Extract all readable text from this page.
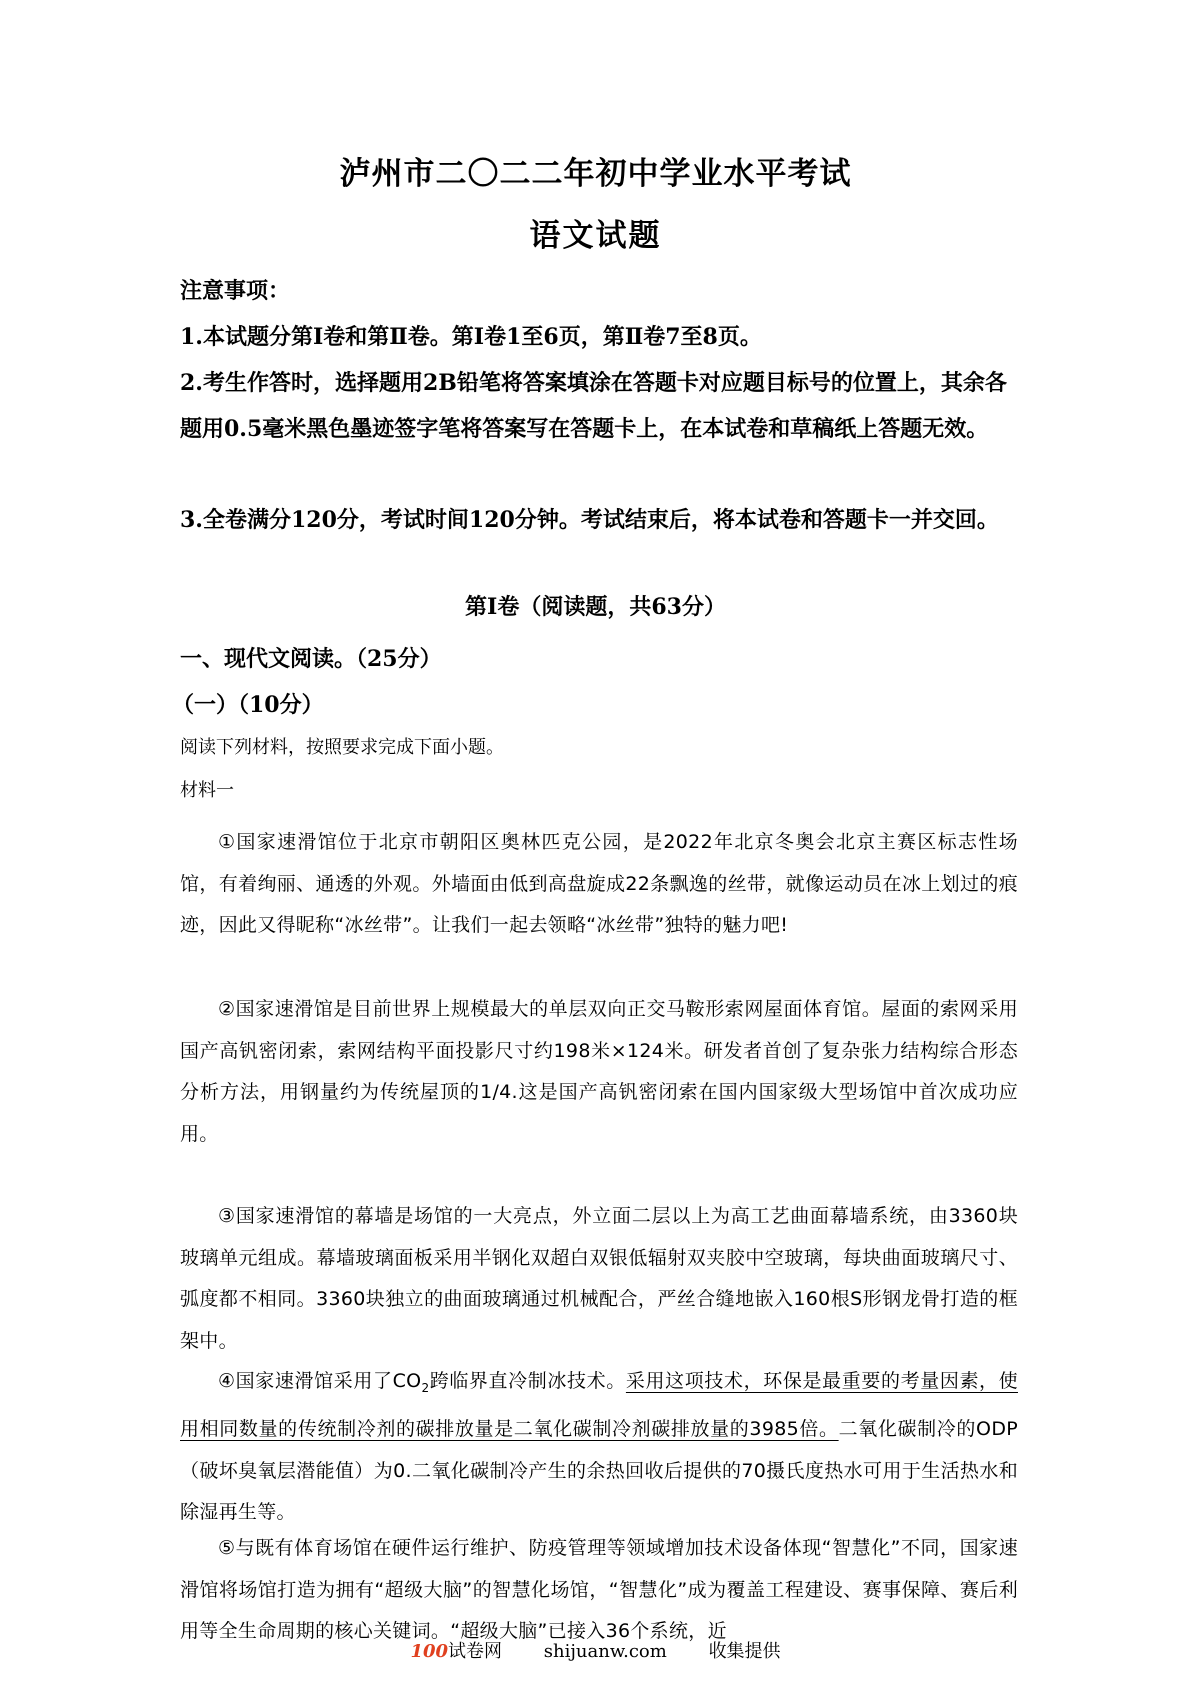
泸州市二〇二二年初中学业水平考试
语文试题
注意事项：
1.本试题分第Ⅰ卷和第Ⅱ卷。第Ⅰ卷1至6页，第Ⅱ卷7至8页。
2.考生作答时，选择题用2B铅笔将答案填涂在答题卡对应题目标号的位置上，其余各题用0.5毫米黑色墨迹签字笔将答案写在答题卡上，在本试卷和草稿纸上答题无效。
3.全卷满分120分，考试时间120分钟。考试结束后，将本试卷和答题卡一并交回。
第Ⅰ卷（阅读题，共63分）
一、现代文阅读。（25分）
（一）（10分）
阅读下列材料，按照要求完成下面小题。
材料一
①国家速滑馆位于北京市朝阳区奥林匹克公园，是2022年北京冬奥会北京主赛区标志性场馆，有着绚丽、通透的外观。外墙面由低到高盘旋成22条飘逸的丝带，就像运动员在冰上划过的痕迹，因此又得昵称“冰丝带”。让我们一起去领略“冰丝带”独特的魅力吧!
②国家速滑馆是目前世界上规模最大的单层双向正交马鞍形索网屋面体育馆。屋面的索网采用国产高钒密闭索，索网结构平面投影尺寸约198米×124米。研发者首创了复杂张力结构综合形态分析方法，用钢量约为传统屋顶的1/4.这是国产高钒密闭索在国内国家级大型场馆中首次成功应用。
③国家速滑馆的幕墙是场馆的一大亮点，外立面二层以上为高工艺曲面幕墙系统，由3360块玻璃单元组成。幕墙玻璃面板采用半钢化双超白双银低辐射双夹胶中空玻璃，每块曲面玻璃尺寸、弧度都不相同。3360块独立的曲面玻璃通过机械配合，严丝合缝地嵌入160根S形钢龙骨打造的框架中。
④国家速滑馆采用了$CO_2$跨临界直冷制冰技术。采用这项技术，环保是最重要的考量因素，使用相同数量的传统制冷剂的碳排放量是二氧化碳制冷剂碳排放量的3985倍。二氧化碳制冷的ODP（破坏臭氧层潜能值）为0.二氧化碳制冷产生的余热回收后提供的70摄氏度热水可用于生活热水和除湿再生等。
⑤与既有体育场馆在硬件运行维护、防疫管理等领域增加技术设备体现“智慧化”不同，国家速滑馆将场馆打造为拥有“超级大脑”的智慧化场馆，“智慧化”成为覆盖工程建设、赛事保障、赛后利用等全生命周期的核心关键词。“超级大脑”已接入36个系统，近
100试卷网 shijuanw.com 收集提供
